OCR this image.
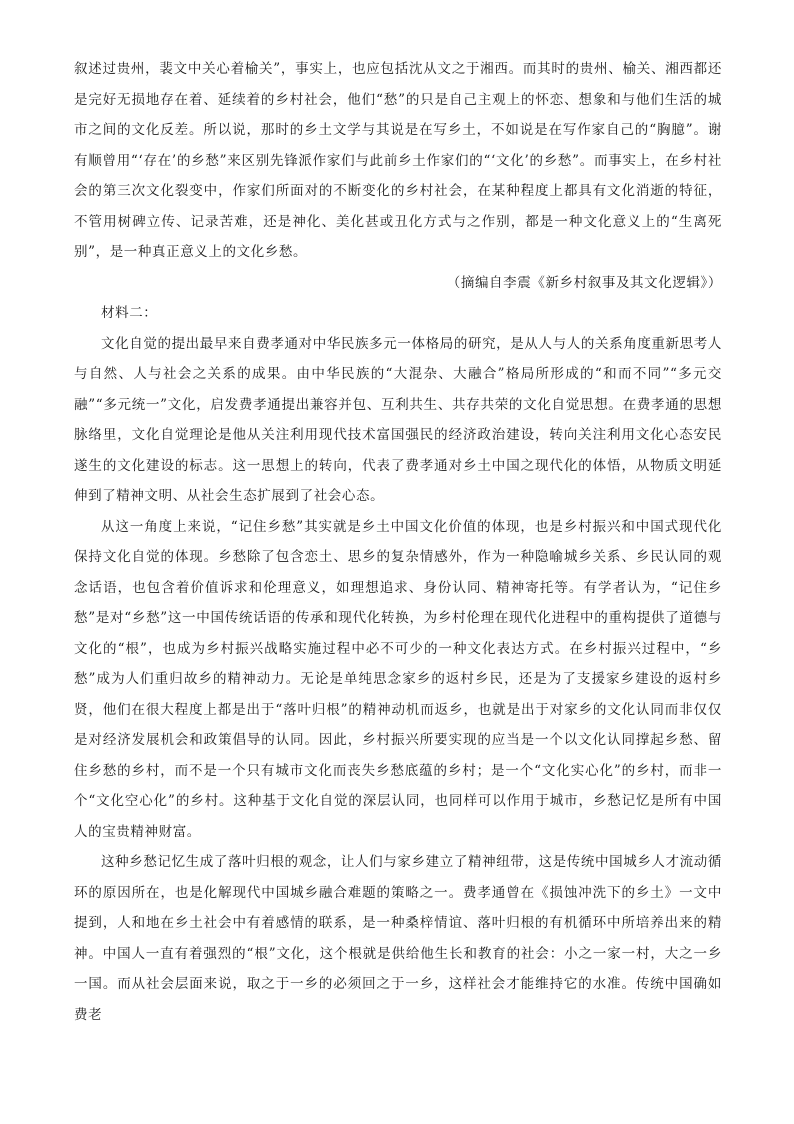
叙述过贵州，裴文中关心着榆关”，事实上，也应包括沈从文之于湘西。而其时的贵州、榆关、湘西都还是完好无损地存在着、延续着的乡村社会，他们“愁”的只是自己主观上的怀恋、想象和与他们生活的城市之间的文化反差。所以说，那时的乡土文学与其说是在写乡土，不如说是在写作家自己的“胸臆”。谢有顺曾用“‘存在’的乡愁”来区别先锋派作家们与此前乡土作家们的“‘文化’的乡愁”。而事实上，在乡村社会的第三次文化裂变中，作家们所面对的不断变化的乡村社会，在某种程度上都具有文化消逝的特征，不管用树碑立传、记录苦难，还是神化、美化甚或丑化方式与之作别，都是一种文化意义上的“生离死别”，是一种真正意义上的文化乡愁。

（摘编自李震《新乡村叙事及其文化逻辑》）

材料二：

文化自觉的提出最早来自费孝通对中华民族多元一体格局的研究，是从人与人的关系角度重新思考人与自然、人与社会之关系的成果。由中华民族的“大混杂、大融合”格局所形成的“和而不同”“多元交融”“多元统一”文化，启发费孝通提出兼容并包、互利共生、共存共荣的文化自觉思想。在费孝通的思想脉络里，文化自觉理论是他从关注利用现代技术富国强民的经济政治建设，转向关注利用文化心态安民遂生的文化建设的标志。这一思想上的转向，代表了费孝通对乡土中国之现代化的体悟，从物质文明延伸到了精神文明、从社会生态扩展到了社会心态。

从这一角度上来说，“记住乡愁”其实就是乡土中国文化价值的体现，也是乡村振兴和中国式现代化保持文化自觉的体现。乡愁除了包含恋土、思乡的复杂情感外，作为一种隐喻城乡关系、乡民认同的观念话语，也包含着价值诉求和伦理意义，如理想追求、身份认同、精神寄托等。有学者认为，“记住乡愁”是对“乡愁”这一中国传统话语的传承和现代化转换，为乡村伦理在现代化进程中的重构提供了道德与文化的“根”，也成为乡村振兴战略实施过程中必不可少的一种文化表达方式。在乡村振兴过程中，“乡愁”成为人们重归故乡的精神动力。无论是单纯思念家乡的返村乡民，还是为了支援家乡建设的返村乡贤，他们在很大程度上都是出于“落叶归根”的精神动机而返乡，也就是出于对家乡的文化认同而非仅仅是对经济发展机会和政策倡导的认同。因此，乡村振兴所要实现的应当是一个以文化认同撑起乡愁、留住乡愁的乡村，而不是一个只有城市文化而丧失乡愁底蕴的乡村；是一个“文化实心化”的乡村，而非一个“文化空心化”的乡村。这种基于文化自觉的深层认同，也同样可以作用于城市，乡愁记忆是所有中国人的宝贵精神财富。

这种乡愁记忆生成了落叶归根的观念，让人们与家乡建立了精神纽带，这是传统中国城乡人才流动循环的原因所在，也是化解现代中国城乡融合难题的策略之一。费孝通曾在《损蚀冲洗下的乡土》一文中提到，人和地在乡土社会中有着感情的联系，是一种桑梓情谊、落叶归根的有机循环中所培养出来的精神。中国人一直有着强烈的“根”文化，这个根就是供给他生长和教育的社会：小之一家一村，大之一乡一国。而从社会层面来说，取之于一乡的必须回之于一乡，这样社会才能维持它的水准。传统中国确如费老
